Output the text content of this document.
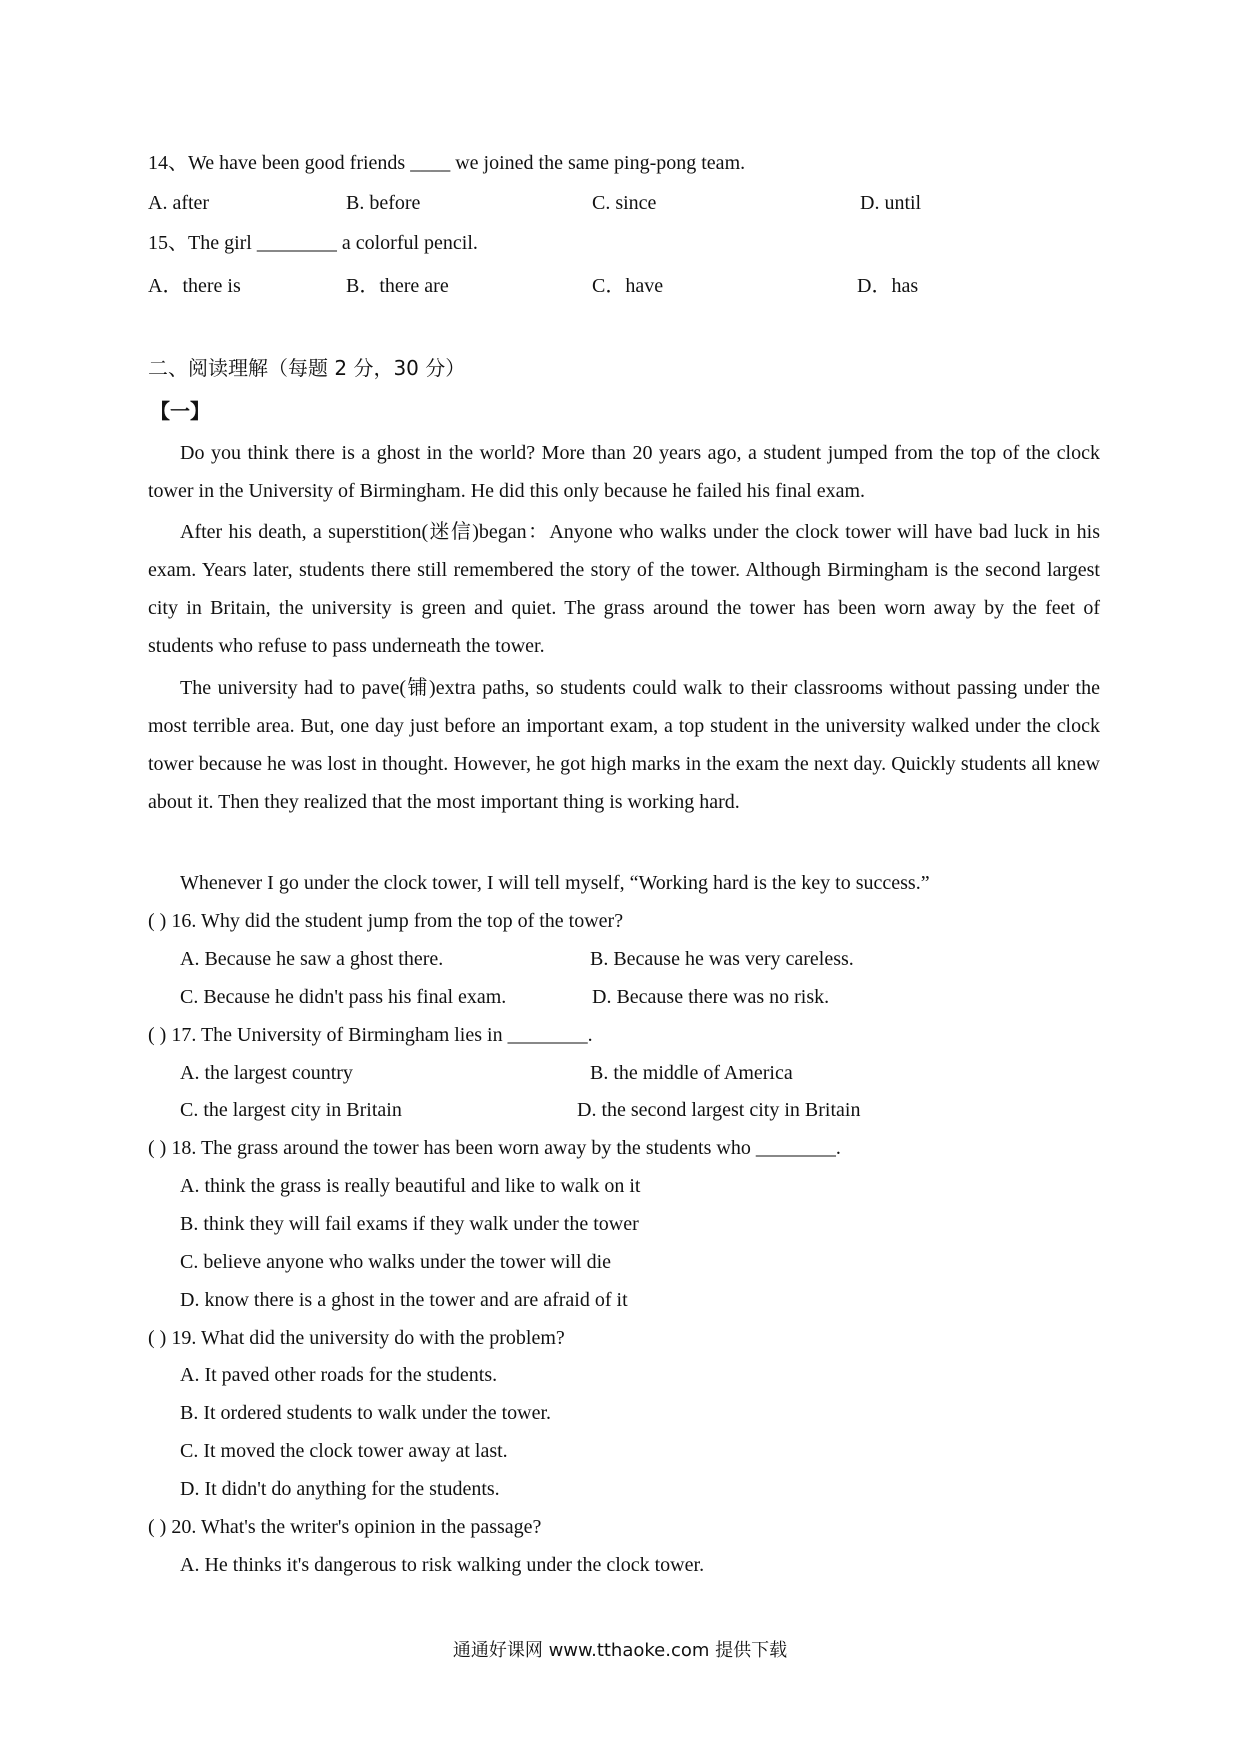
14、We have been good friends ____ we joined the same ping-pong team.
A. after	B. before	C. since	D. until
15、The girl ________ a colorful pencil.
A．there is	B．there are	C．have	D．has
二、阅读理解（每题 2 分，30 分）
【一】
Do you think there is a ghost in the world? More than 20 years ago, a student jumped from the top of the clock tower in the University of Birmingham. He did this only because he failed his final exam.
After his death, a superstition(迷信)began：Anyone who walks under the clock tower will have bad luck in his exam. Years later, students there still remembered the story of the tower. Although Birmingham is the second largest city in Britain, the university is green and quiet. The grass around the tower has been worn away by the feet of students who refuse to pass underneath the tower.
The university had to pave(铺)extra paths, so students could walk to their classrooms without passing under the most terrible area. But, one day just before an important exam, a top student in the university walked under the clock tower because he was lost in thought. However, he got high marks in the exam the next day. Quickly students all knew about it. Then they realized that the most important thing is working hard.
Whenever I go under the clock tower, I will tell myself, “Working hard is the key to success.”
( ) 16. Why did the student jump from the top of the tower?
A. Because he saw a ghost there.	B. Because he was very careless.
C. Because he didn't pass his final exam.	D. Because there was no risk.
( ) 17. The University of Birmingham lies in ________.
A. the largest country	B. the middle of America
C. the largest city in Britain	D. the second largest city in Britain
( ) 18. The grass around the tower has been worn away by the students who ________.
A. think the grass is really beautiful and like to walk on it
B. think they will fail exams if they walk under the tower
C. believe anyone who walks under the tower will die
D. know there is a ghost in the tower and are afraid of it
( ) 19. What did the university do with the problem?
A. It paved other roads for the students.
B. It ordered students to walk under the tower.
C. It moved the clock tower away at last.
D. It didn't do anything for the students.
( ) 20. What's the writer's opinion in the passage?
A. He thinks it's dangerous to risk walking under the clock tower.
通通好课网 www.tthaoke.com 提供下载
